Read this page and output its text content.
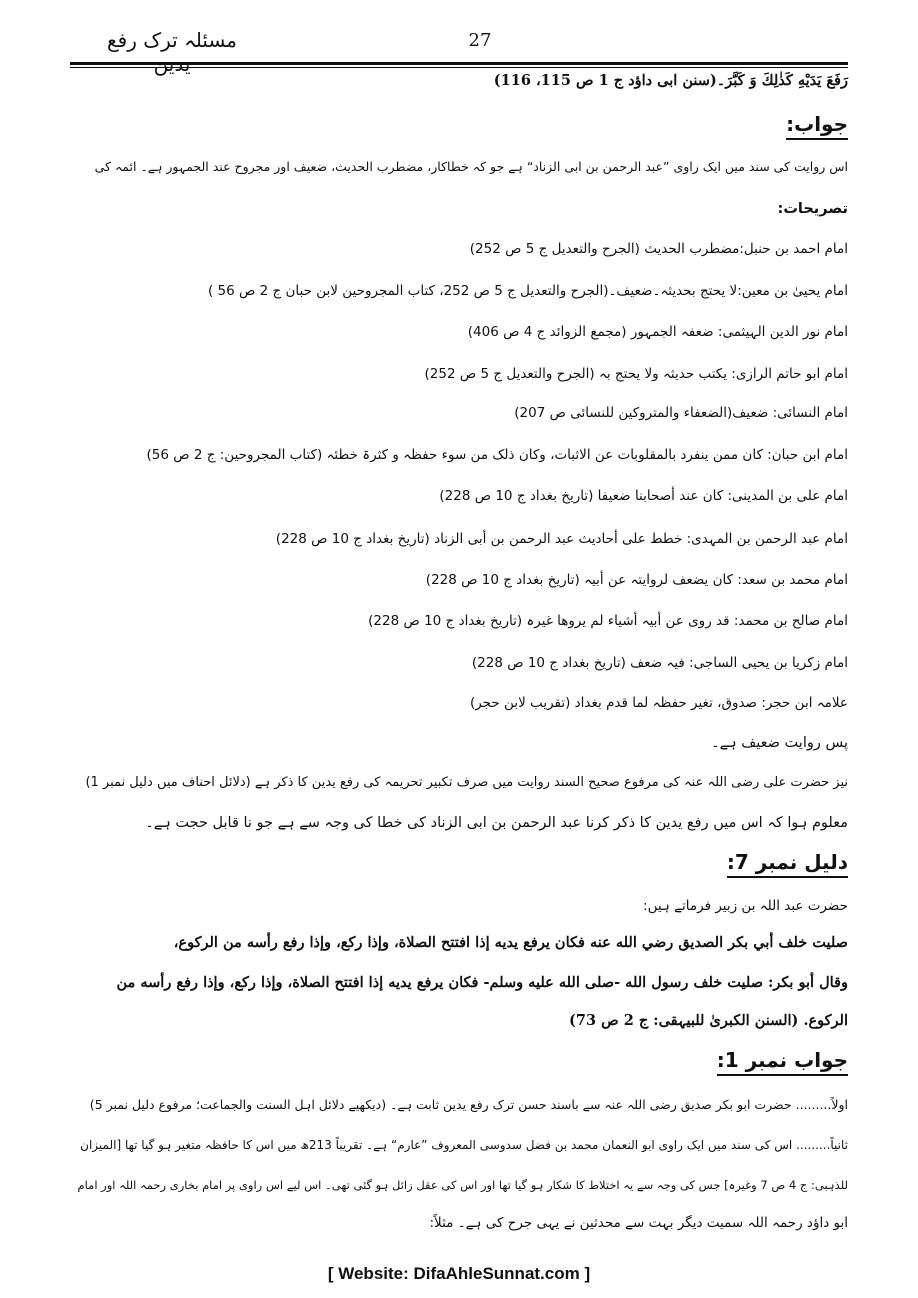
مسئلہ ترک رفع	27
رَفَعَ يَدَيْهِ كَذٰلِكَ وَ كَبَّرَ۔(سنن ابی داؤد ج 1 ص 115، 116)
جواب:
اس روایت کی سند میں ایک راوی ”عبد الرحمن بن ابی الزناد“ ہے جو کہ خطاکار، مضطرب الحدیث، ضعیف اور مجروح عند الجمہور ہے۔ ائمہ کی
تصریحات:
امام احمد بن حنبل:مضطرب الحدیث (الجرح والتعدیل ج 5 ص 252)
امام یحییٰ بن معین:لا یحتج بحدیثہ۔ضعیف۔(الجرح والتعدیل ج 5 ص 252، کتاب المجروحین لابن حبان ج 2 ص 56 )
امام نور الدین الہیثمی: ضعفہ الجمہور (مجمع الزوائد ج 4 ص 406)
امام ابو حاتم الرازی: یکتب حدیثہ ولا یحتج بہ (الجرح والتعدیل ج 5 ص 252)
امام النسائی: ضعیف(الضعفاء والمتروکین للنسائی ص 207)
امام ابن حبان: کان ممن ینفرد بالمقلوبات عن الاثبات، وکان ذلک من سوء حفظہ و کثرۃ خطئہ (کتاب المجروحین: ج 2 ص 56)
امام علی بن المدینی: کان عند أصحابنا ضعیفا (تاریخ بغداد ج 10 ص 228)
امام عبد الرحمن بن المہدی: خطط علی أحادیث عبد الرحمن بن أبی الزناد (تاریخ بغداد ج 10 ص 228)
امام محمد بن سعد: کان یضعف لروایتہ عن أبیہ (تاریخ بغداد ج 10 ص 228)
امام صالح بن محمد: قد روی عن أبیہ أشیاء لم یروھا غیرہ (تاریخ بغداد ج 10 ص 228)
امام زکریا بن یحیی الساجی: فیہ ضعف (تاریخ بغداد ج 10 ص 228)
علامہ ابن حجر: صدوق، تغیر حفظہ لما قدم بغداد (تقریب لابن حجر)
پس روایت ضعیف ہے۔
نیز حضرت علی رضی اللہ عنہ کی مرفوع صحیح السند روایت میں صرف تکبیر تحریمہ کی رفع یدین کا ذکر ہے (دلائل احناف میں دلیل نمبر 1)
معلوم ہوا کہ اس میں رفع یدین کا ذکر کرنا عبد الرحمن بن ابی الزناد کی خطا کی وجہ سے ہے جو نا قابل حجت ہے۔
دلیل نمبر 7:
حضرت عبد اللہ بن زبیر فرماتے ہیں:
صليت خلف أبي بكر الصديق رضي الله عنه فكان يرفع يديه إذا افتتح الصلاة، وإذا ركع، وإذا رفع رأسه من الركوع،
وقال أبو بكر: صليت خلف رسول الله -صلى الله عليه وسلم- فكان يرفع يديه إذا افتتح الصلاة، وإذا ركع، وإذا رفع رأسه من
الركوع. (السنن الکبریٰ للبیہقی: ج 2 ص 73)
جواب نمبر 1:
اولاً......... حضرت ابو بکر صدیق رضی اللہ عنہ سے باسند حسن ترک رفع یدین ثابت ہے۔ (دیکھیے دلائل اہل السنت والجماعت؛ مرفوع دلیل نمبر 5)
ثانیاً......... اس کی سند میں ایک راوی ابو النعمان محمد بن فضل سدوسی المعروف ”عارم“ ہے۔ تقریباً 213ھ میں اس کا حافظہ متغیر ہو گیا تھا [المیزان
للذہبی: ج 4 ص 7 وغیرہ] جس کی وجہ سے یہ اختلاط کا شکار ہو گیا تھا اور اس کی عقل زائل ہو گئی تھی۔ اس لیے اس راوی پر امام بخاری رحمہ اللہ اور امام
ابو داؤد رحمہ اللہ سمیت دیگر بہت سے محدثین نے یہی جرح کی ہے۔ مثلاً:
[ Website: DifaAhleSunnat.com ]
